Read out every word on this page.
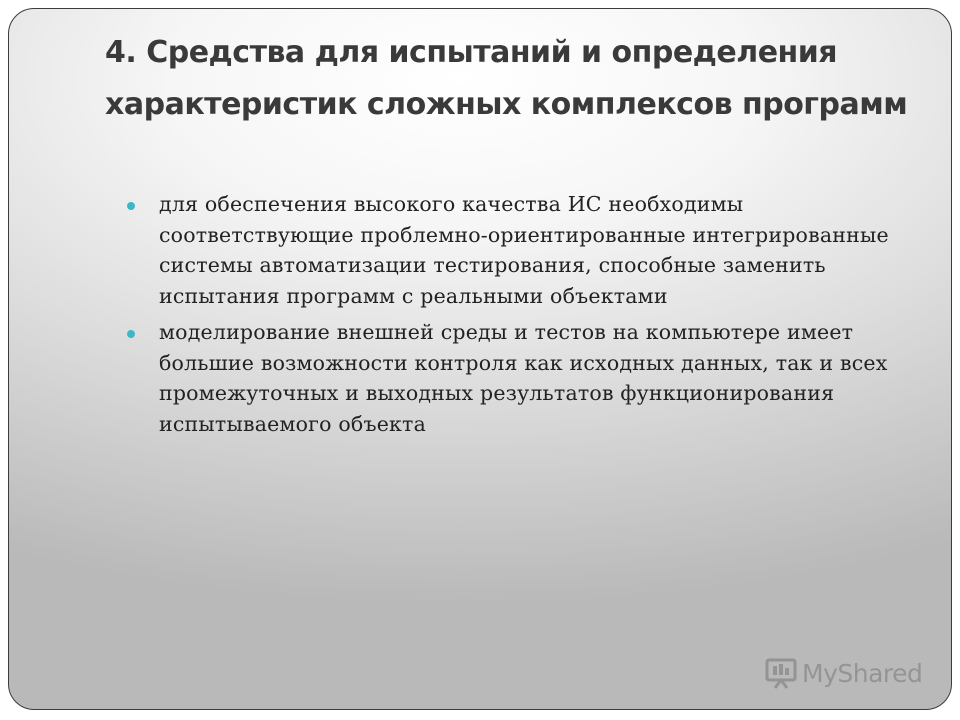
4. Средства для испытаний и определения характеристик сложных комплексов программ
для обеспечения высокого качества ИС необходимы соответствующие проблемно-ориентированные интегрированные системы автоматизации тестирования, способные заменить испытания программ с реальными объектами
моделирование внешней среды и тестов на компьютере имеет большие возможности контроля как исходных данных, так и всех промежуточных и выходных результатов функционирования испытываемого объекта
MyShared
